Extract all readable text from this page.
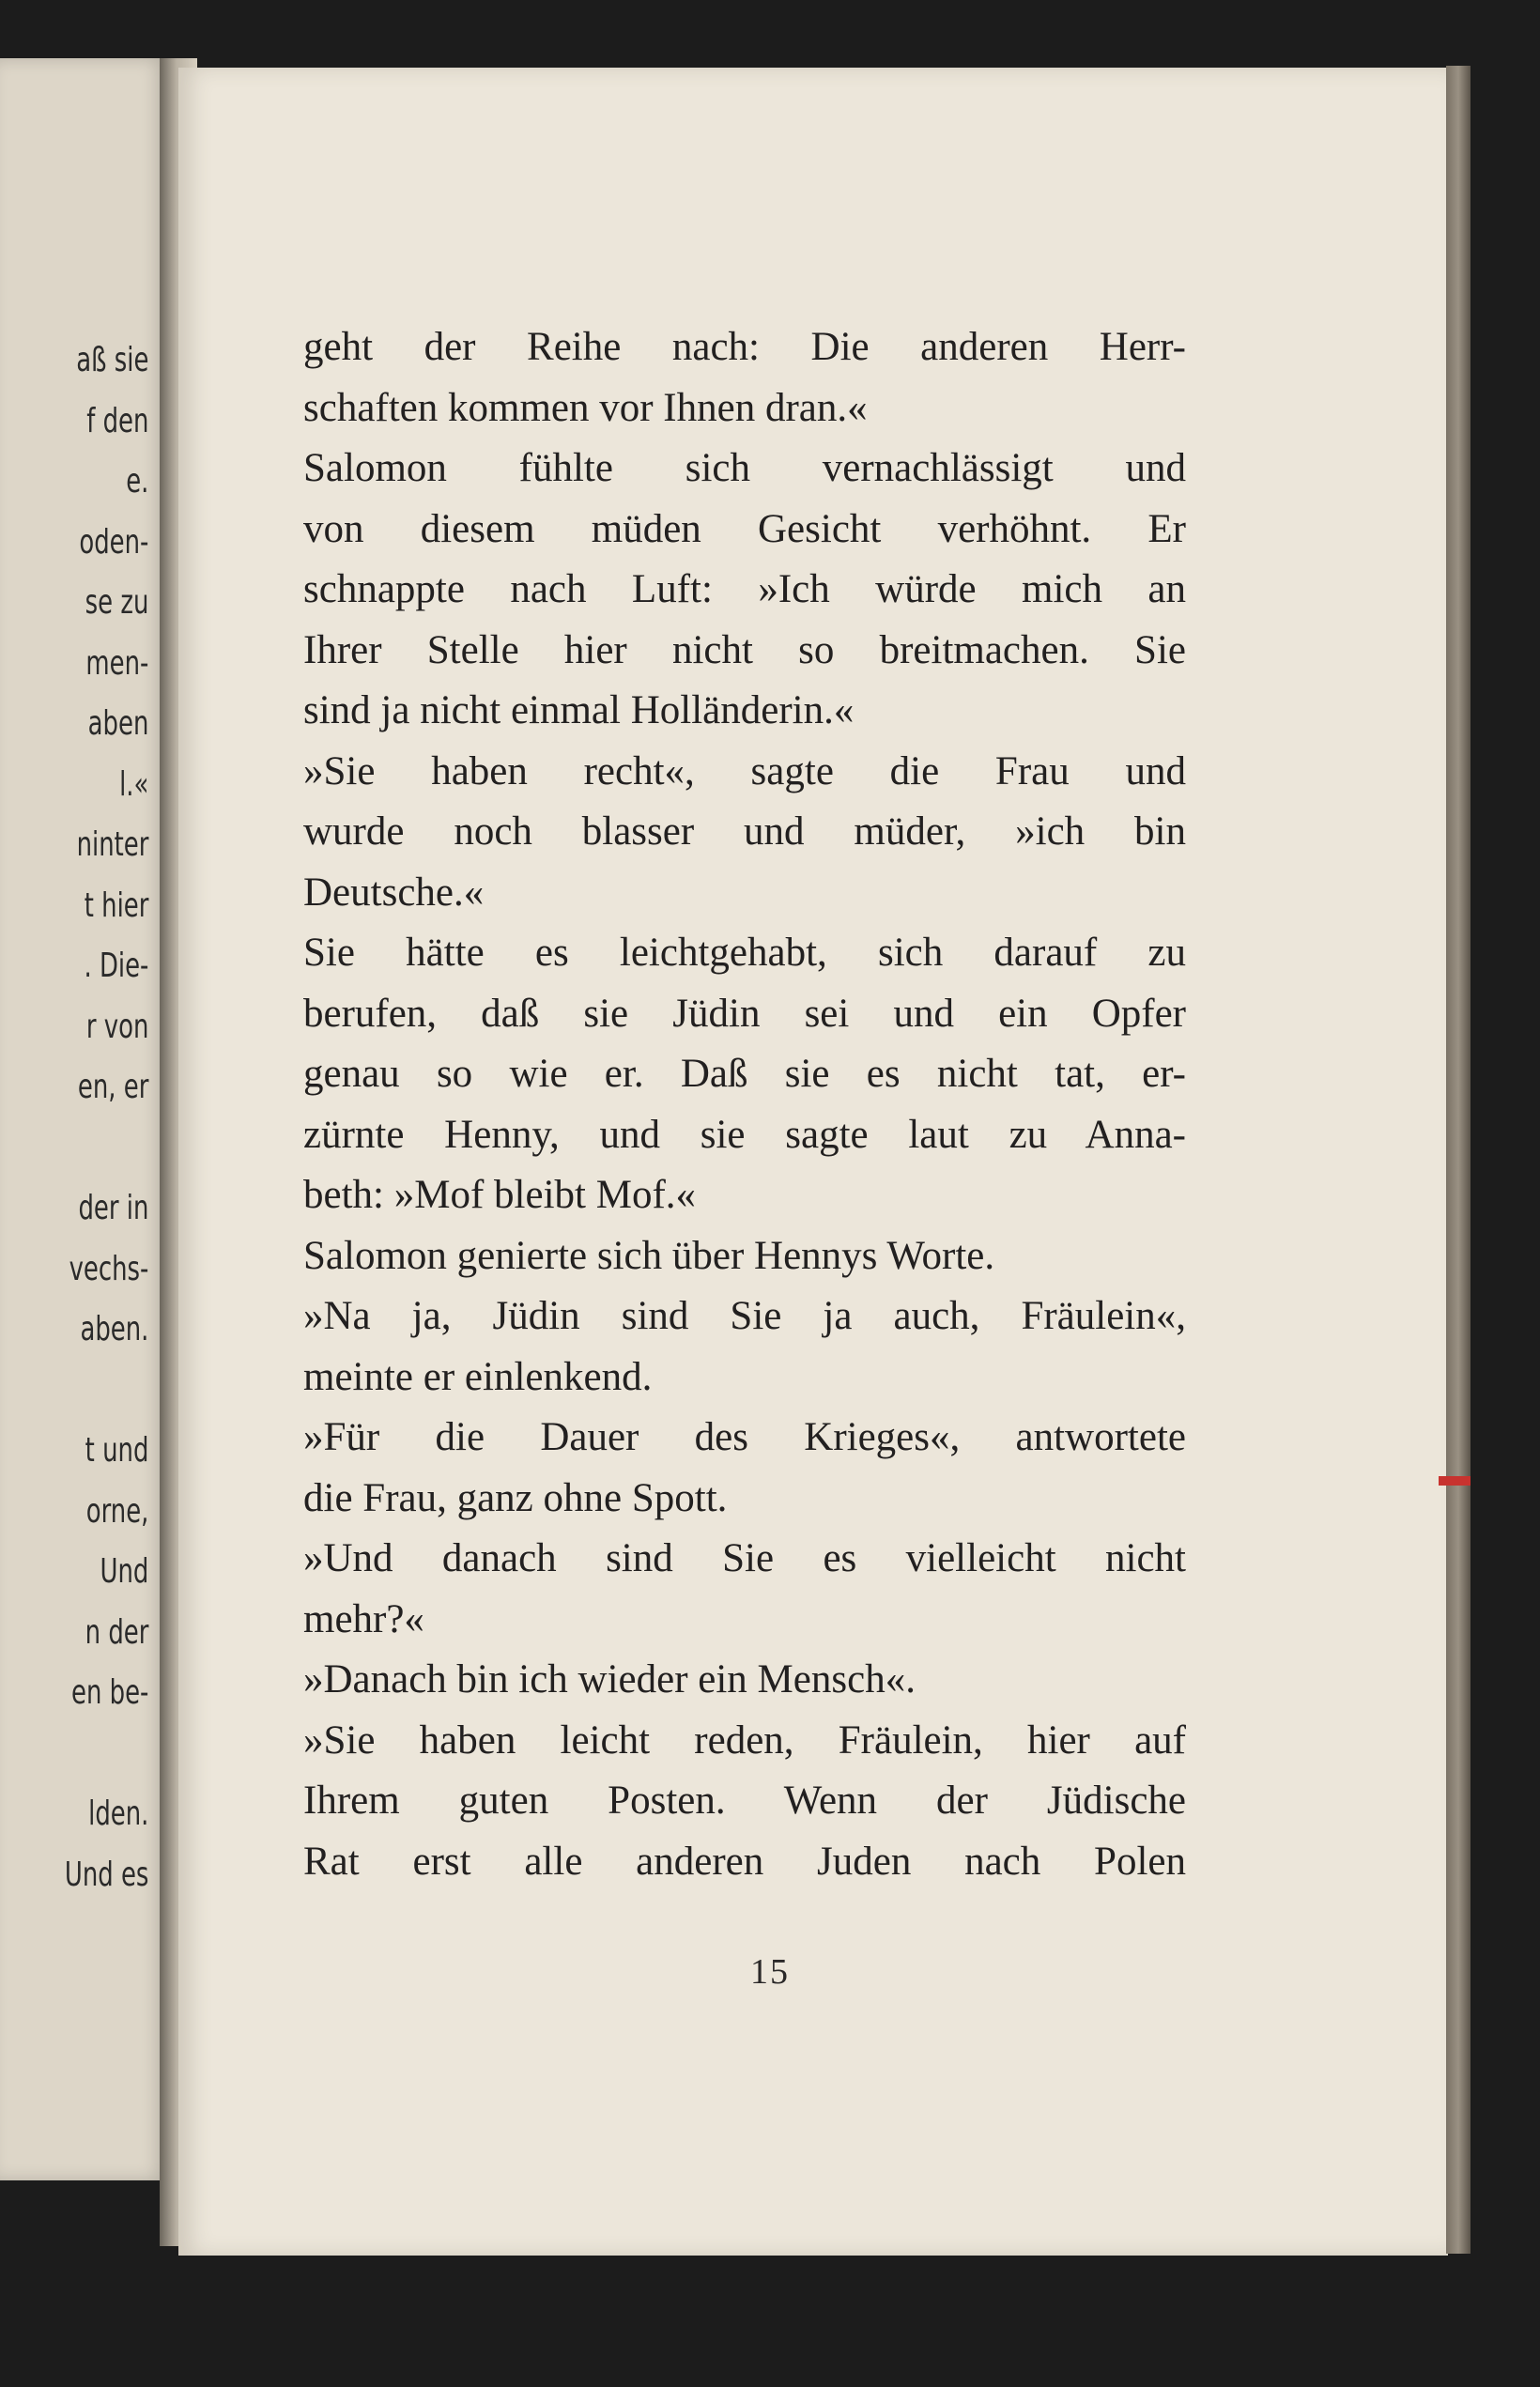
aß sie
f den
e.
oden-
se zu
men-
aben
l.«
ninter
t hier
. Die-
r von
en, er
der in
vechs-
aben.
t und
orne,
Und
n der
en be-
lden.
Und es
geht der Reihe nach: Die anderen Herr-
schaften kommen vor Ihnen dran.«
Salomon fühlte sich vernachlässigt und
von diesem müden Gesicht verhöhnt. Er
schnappte nach Luft: »Ich würde mich an
Ihrer Stelle hier nicht so breitmachen. Sie
sind ja nicht einmal Holländerin.«
»Sie haben recht«, sagte die Frau und
wurde noch blasser und müder, »ich bin
Deutsche.«
Sie hätte es leichtgehabt, sich darauf zu
berufen, daß sie Jüdin sei und ein Opfer
genau so wie er. Daß sie es nicht tat, er-
zürnte Henny, und sie sagte laut zu Anna-
beth: »Mof bleibt Mof.«
Salomon genierte sich über Hennys Worte.
»Na ja, Jüdin sind Sie ja auch, Fräulein«,
meinte er einlenkend.
»Für die Dauer des Krieges«, antwortete
die Frau, ganz ohne Spott.
»Und danach sind Sie es vielleicht nicht
mehr?«
»Danach bin ich wieder ein Mensch«.
»Sie haben leicht reden, Fräulein, hier auf
Ihrem guten Posten. Wenn der Jüdische
Rat erst alle anderen Juden nach Polen
15
